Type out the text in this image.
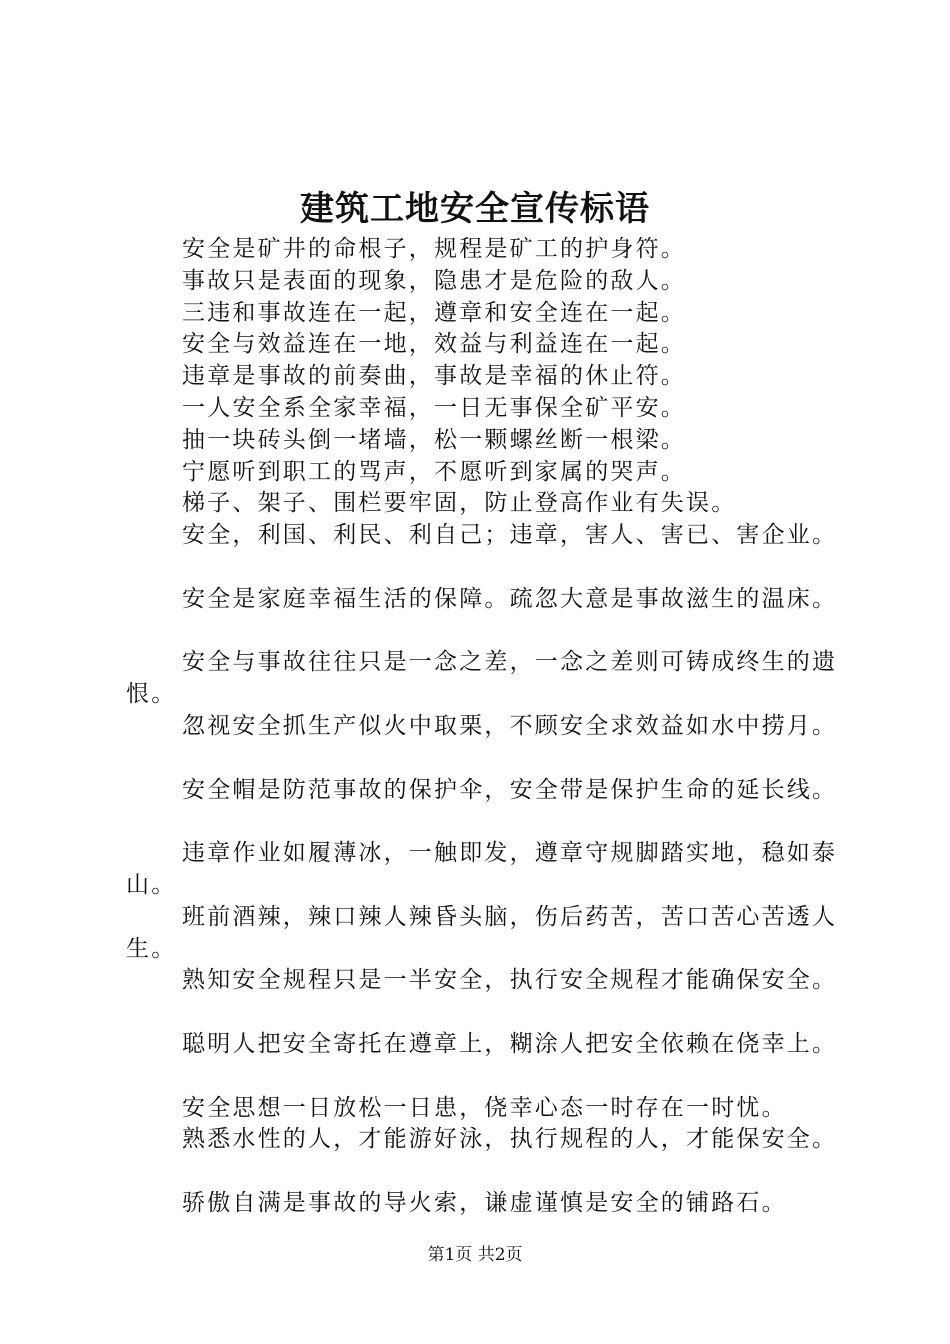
建筑工地安全宣传标语
安全是矿井的命根子，规程是矿工的护身符。
事故只是表面的现象，隐患才是危险的敌人。
三违和事故连在一起，遵章和安全连在一起。
安全与效益连在一地，效益与利益连在一起。
违章是事故的前奏曲，事故是幸福的休止符。
一人安全系全家幸福，一日无事保全矿平安。
抽一块砖头倒一堵墙，松一颗螺丝断一根梁。
宁愿听到职工的骂声，不愿听到家属的哭声。
梯子、架子、围栏要牢固，防止登高作业有失误。
安全，利国、利民、利自己；违章，害人、害已、害企业。
安全是家庭幸福生活的保障。疏忽大意是事故滋生的温床。
安全与事故往往只是一念之差，一念之差则可铸成终生的遗恨。
忽视安全抓生产似火中取栗，不顾安全求效益如水中捞月。
安全帽是防范事故的保护伞，安全带是保护生命的延长线。
违章作业如履薄冰，一触即发，遵章守规脚踏实地，稳如泰山。
班前酒辣，辣口辣人辣昏头脑，伤后药苦，苦口苦心苦透人生。
熟知安全规程只是一半安全，执行安全规程才能确保安全。
聪明人把安全寄托在遵章上，糊涂人把安全依赖在侥幸上。
安全思想一日放松一日患，侥幸心态一时存在一时忧。
熟悉水性的人，才能游好泳，执行规程的人，才能保安全。
骄傲自满是事故的导火索，谦虚谨慎是安全的铺路石。
第1页 共2页
